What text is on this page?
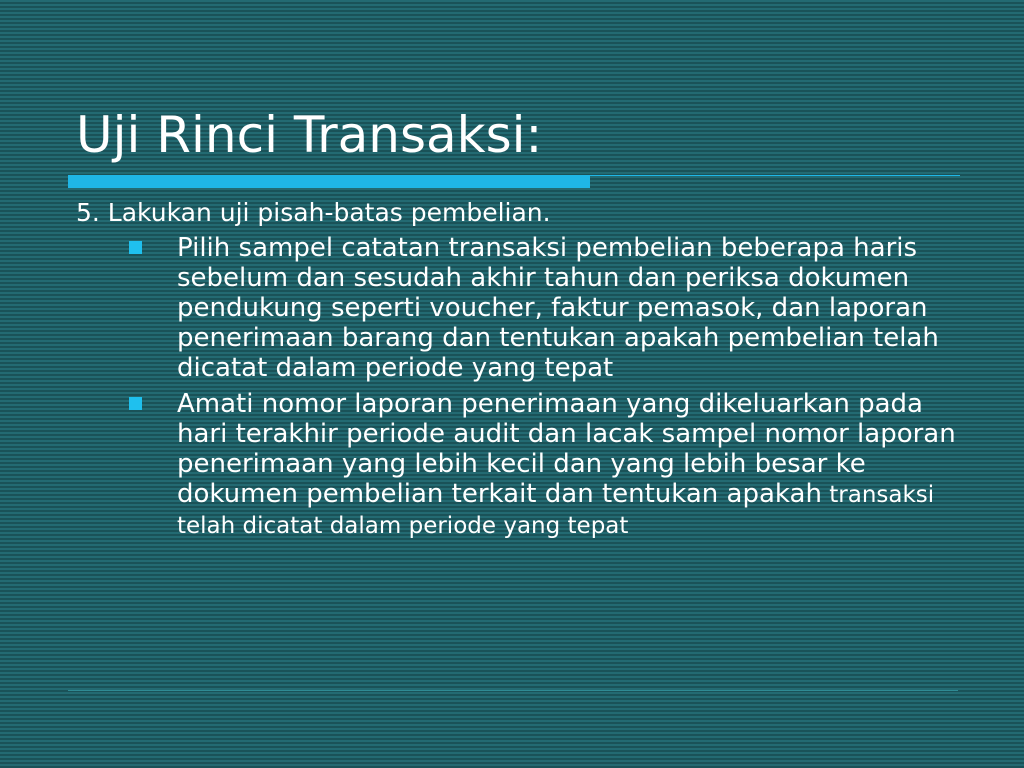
Uji Rinci Transaksi:

5. Lakukan uji pisah-batas pembelian.

Pilih sampel catatan transaksi pembelian beberapa haris sebelum dan sesudah akhir tahun dan periksa dokumen pendukung seperti voucher, faktur pemasok, dan laporan penerimaan barang dan tentukan apakah pembelian telah dicatat dalam periode yang tepat
Amati nomor laporan penerimaan yang dikeluarkan pada hari terakhir periode audit dan lacak sampel nomor laporan penerimaan yang lebih kecil dan yang lebih besar ke dokumen pembelian terkait dan tentukan apakah transaksi telah dicatat dalam periode yang tepat
